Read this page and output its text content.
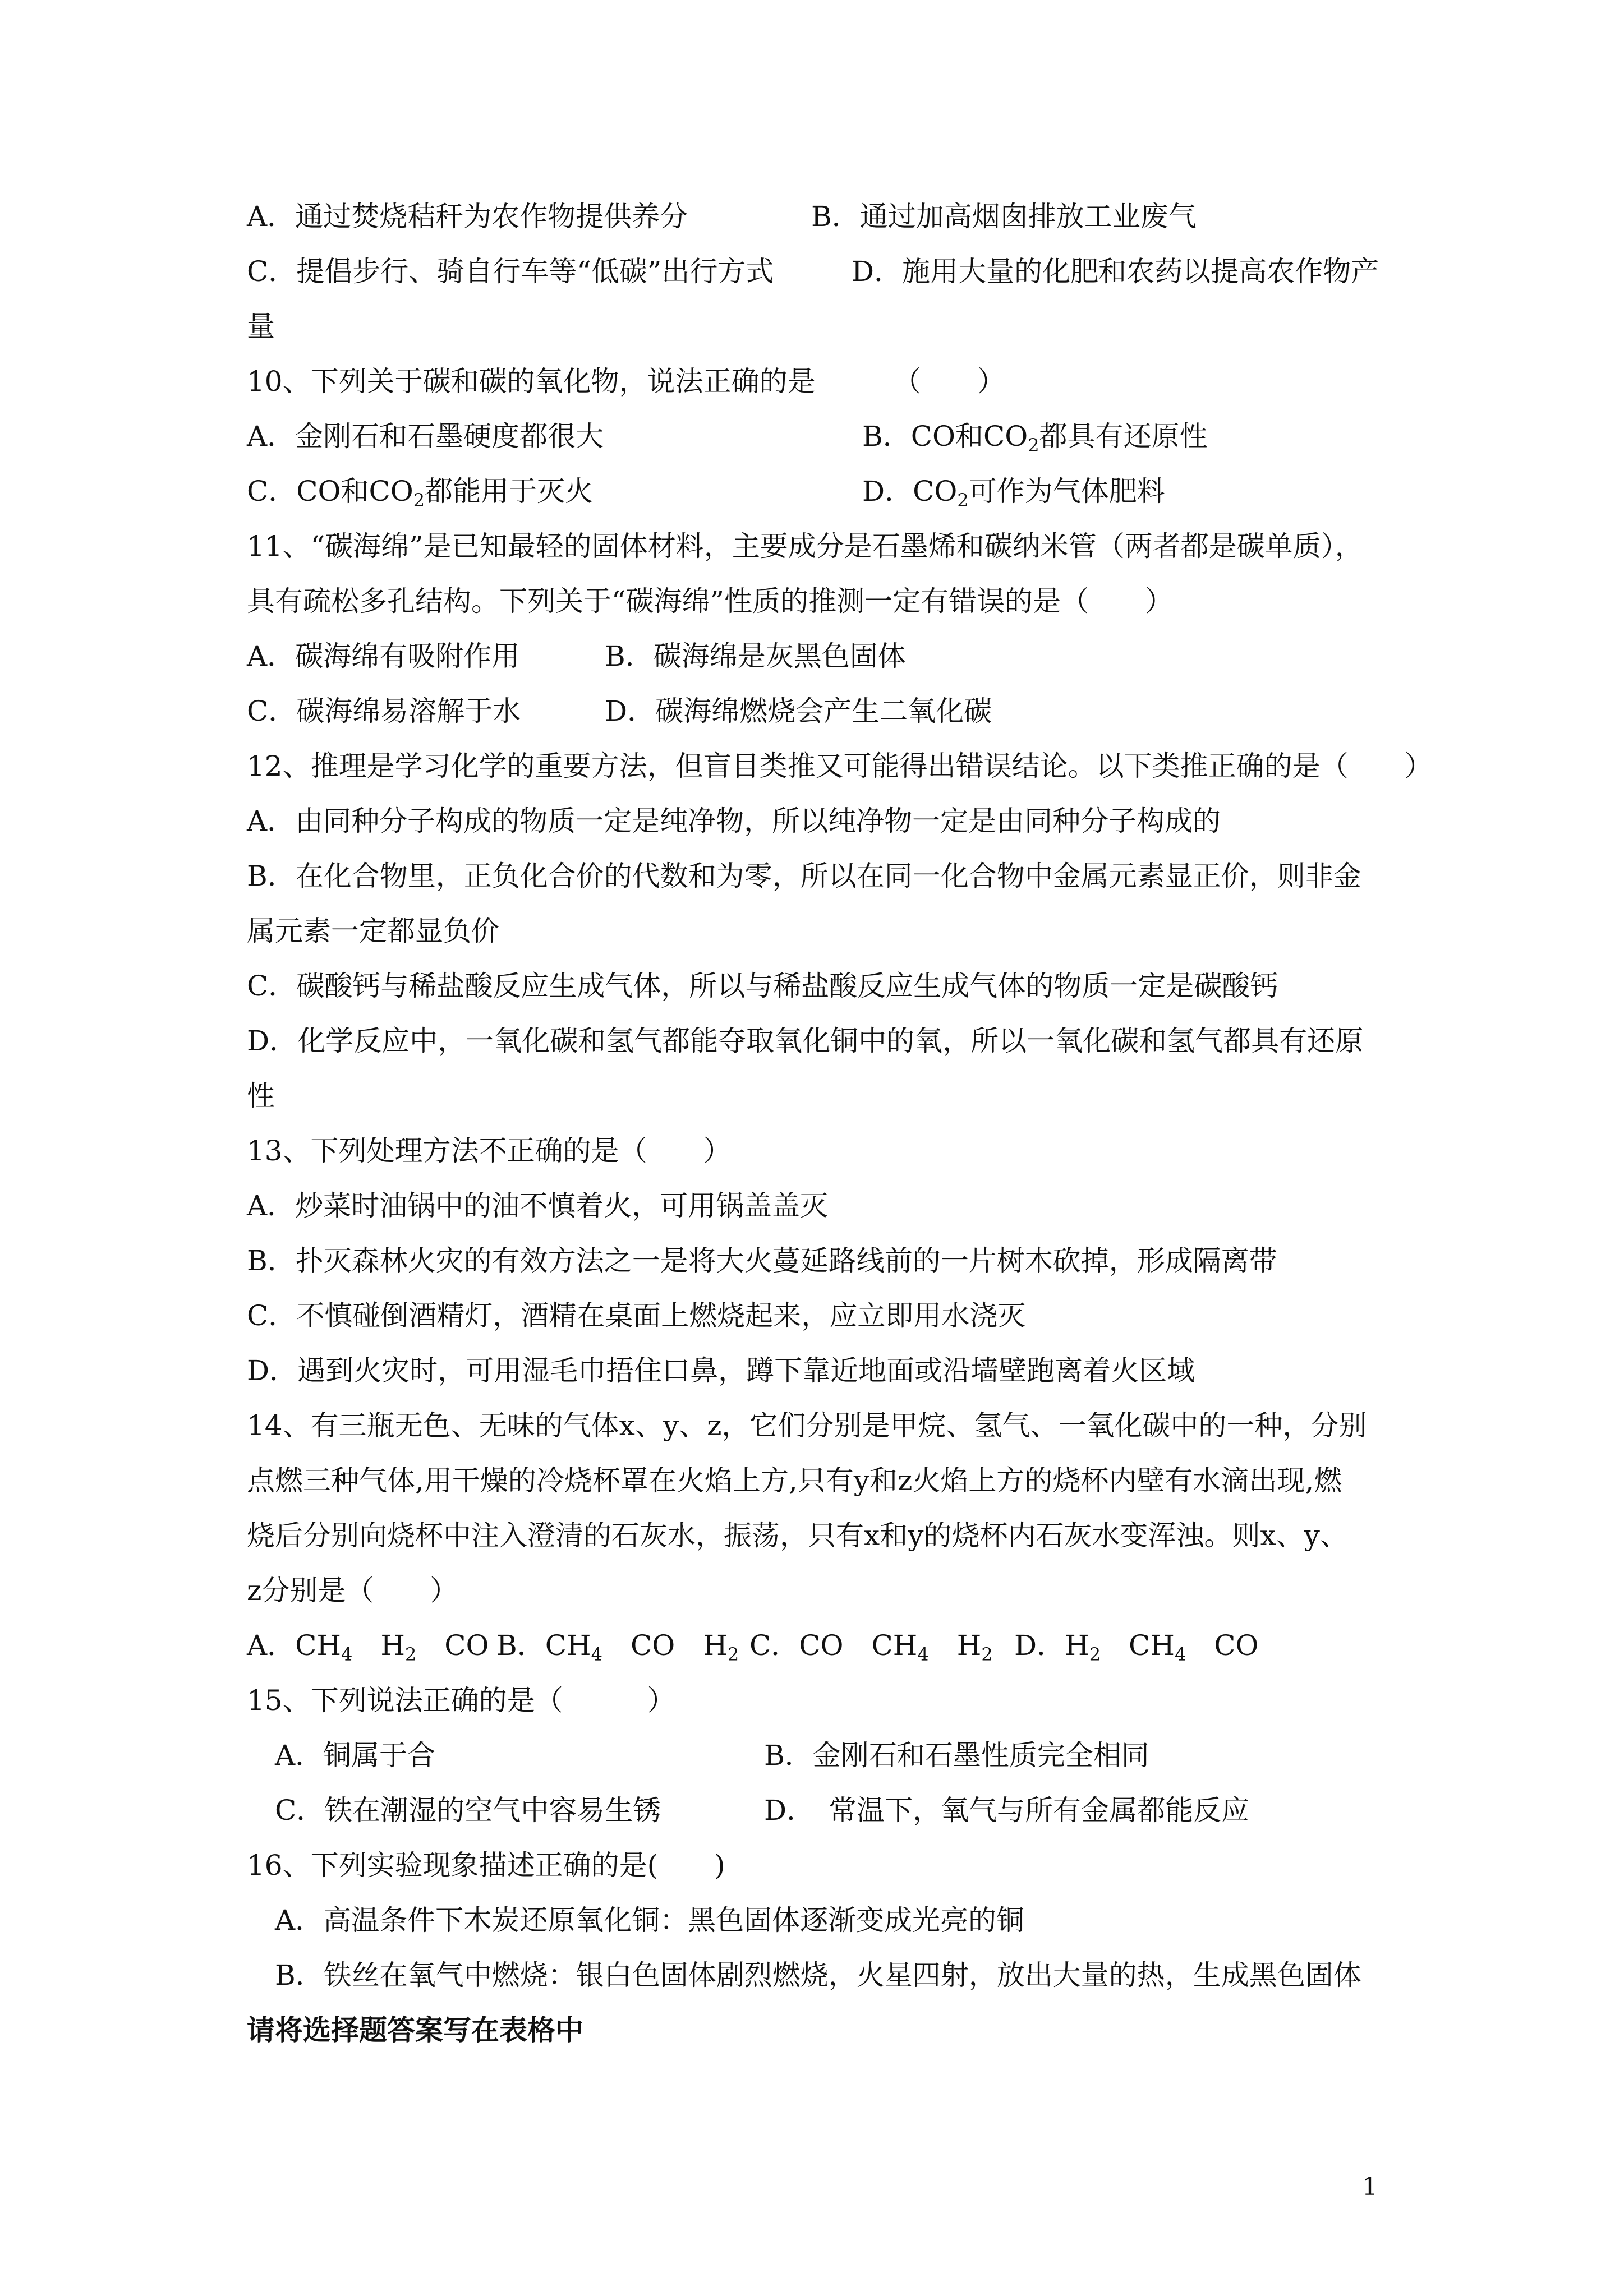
A．通过焚烧秸秆为农作物提供养分	B．通过加高烟囱排放工业废气
C．提倡步行、骑自行车等“低碳”出行方式	D．施用大量的化肥和农药以提高农作物产
量
10、下列关于碳和碳的氧化物，说法正确的是	（　　）
A．金刚石和石墨硬度都很大	B．CO和$CO_2$都具有还原性
C．CO和$CO_2$都能用于灭火	D．$CO_2$可作为气体肥料
11、“碳海绵”是已知最轻的固体材料，主要成分是石墨烯和碳纳米管（两者都是碳单质），
具有疏松多孔结构。下列关于“碳海绵”性质的推测一定有错误的是（　　）
A．碳海绵有吸附作用	B．碳海绵是灰黑色固体
C．碳海绵易溶解于水	D．碳海绵燃烧会产生二氧化碳
12、推理是学习化学的重要方法，但盲目类推又可能得出错误结论。以下类推正确的是（　　）
A．由同种分子构成的物质一定是纯净物，所以纯净物一定是由同种分子构成的
B．在化合物里，正负化合价的代数和为零，所以在同一化合物中金属元素显正价，则非金
属元素一定都显负价
C．碳酸钙与稀盐酸反应生成气体，所以与稀盐酸反应生成气体的物质一定是碳酸钙
D．化学反应中，一氧化碳和氢气都能夺取氧化铜中的氧，所以一氧化碳和氢气都具有还原
性
13、下列处理方法不正确的是（　　）
A．炒菜时油锅中的油不慎着火，可用锅盖盖灭
B．扑灭森林火灾的有效方法之一是将大火蔓延路线前的一片树木砍掉，形成隔离带
C．不慎碰倒酒精灯，酒精在桌面上燃烧起来，应立即用水浇灭
D．遇到火灾时，可用湿毛巾捂住口鼻，蹲下靠近地面或沿墙壁跑离着火区域
14、有三瓶无色、无味的气体x、y、z，它们分别是甲烷、氢气、一氧化碳中的一种，分别
点燃三种气体,用干燥的冷烧杯罩在火焰上方,只有y和z火焰上方的烧杯内壁有水滴出现,燃
烧后分别向烧杯中注入澄清的石灰水，振荡，只有x和y的烧杯内石灰水变浑浊。则x、y、
z分别是（　　）
A．$CH_4$　$H_2$　CO B．$CH_4$　CO　$H_2$ C．CO　$CH_4$　$H_2$ D．$H_2$　$CH_4$　CO
15、下列说法正确的是（　　　）
A．铜属于合	B．金刚石和石墨性质完全相同
C．铁在潮湿的空气中容易生锈	D．　常温下，氧气与所有金属都能反应
16、下列实验现象描述正确的是(　　)
A．高温条件下木炭还原氧化铜：黑色固体逐渐变成光亮的铜
B．铁丝在氧气中燃烧：银白色固体剧烈燃烧，火星四射，放出大量的热，生成黑色固体
请将选择题答案写在表格中
1
